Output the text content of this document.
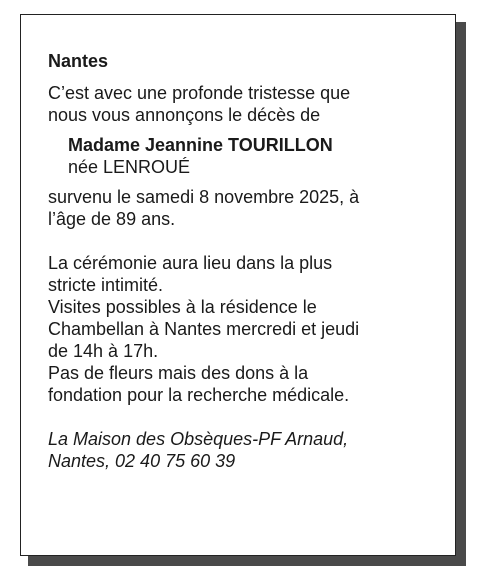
Nantes

C’est avec une profonde tristesse que
nous vous annonçons le décès de

Madame Jeannine TOURILLON
née LENROUÉ

survenu le samedi 8 novembre 2025, à
l’âge de 89 ans.

La cérémonie aura lieu dans la plus
stricte intimité.

Visites possibles à la résidence le
Chambellan à Nantes mercredi et jeudi
de 14h à 17h.

Pas de fleurs mais des dons à la
fondation pour la recherche médicale.

La Maison des Obsèques-PF Arnaud,
Nantes, 02 40 75 60 39
